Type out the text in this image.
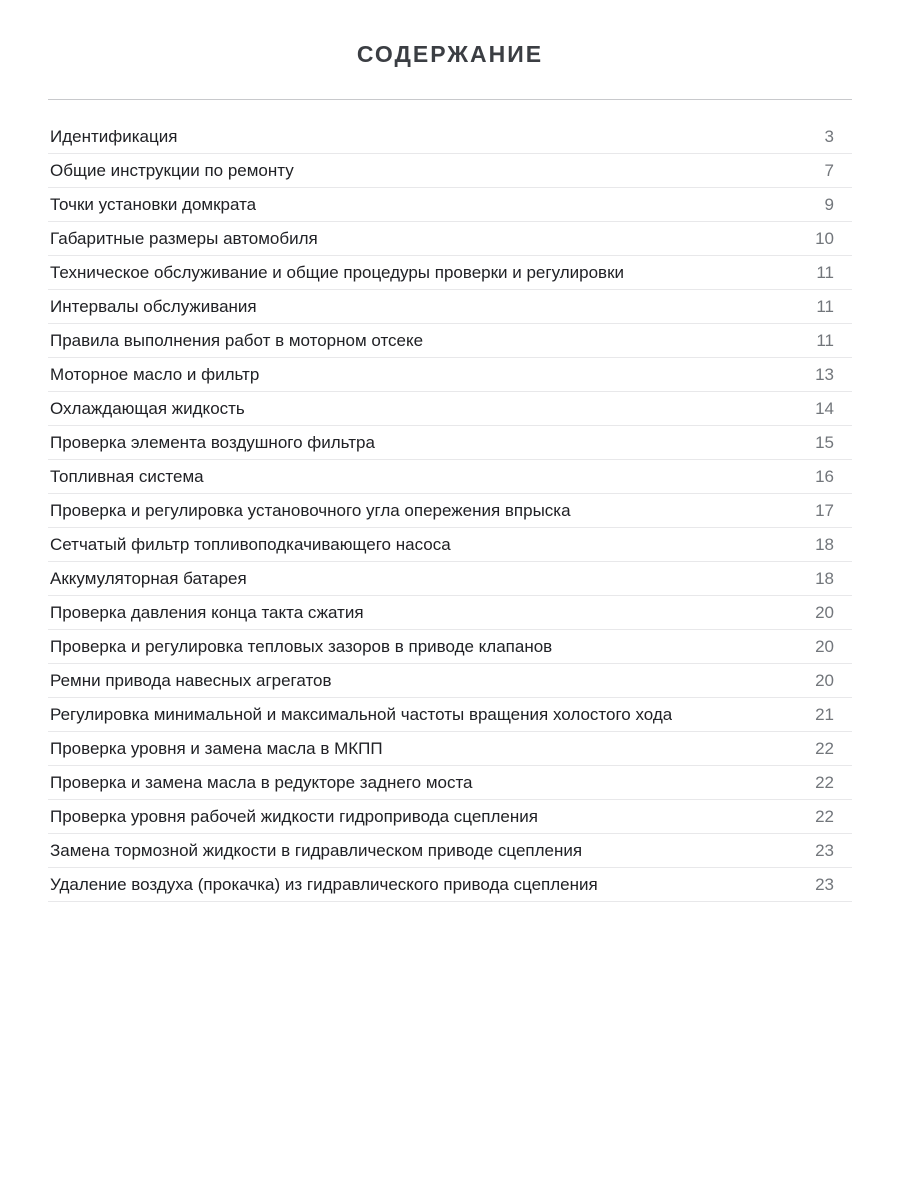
СОДЕРЖАНИЕ
Идентификация	3
Общие инструкции по ремонту	7
Точки установки домкрата	9
Габаритные размеры автомобиля	10
Техническое обслуживание и общие процедуры проверки и регулировки	11
Интервалы обслуживания	11
Правила выполнения работ в моторном отсеке	11
Моторное масло и фильтр	13
Охлаждающая жидкость	14
Проверка элемента воздушного фильтра	15
Топливная система	16
Проверка и регулировка установочного угла опережения впрыска	17
Сетчатый фильтр топливоподкачивающего насоса	18
Аккумуляторная батарея	18
Проверка давления конца такта сжатия	20
Проверка и регулировка тепловых зазоров в приводе клапанов	20
Ремни привода навесных агрегатов	20
Регулировка минимальной и максимальной частоты вращения холостого хода	21
Проверка уровня и замена масла в МКПП	22
Проверка и замена масла в редукторе заднего моста	22
Проверка уровня рабочей жидкости гидропривода сцепления	22
Замена тормозной жидкости в гидравлическом приводе сцепления	23
Удаление воздуха (прокачка) из гидравлического привода сцепления	23
